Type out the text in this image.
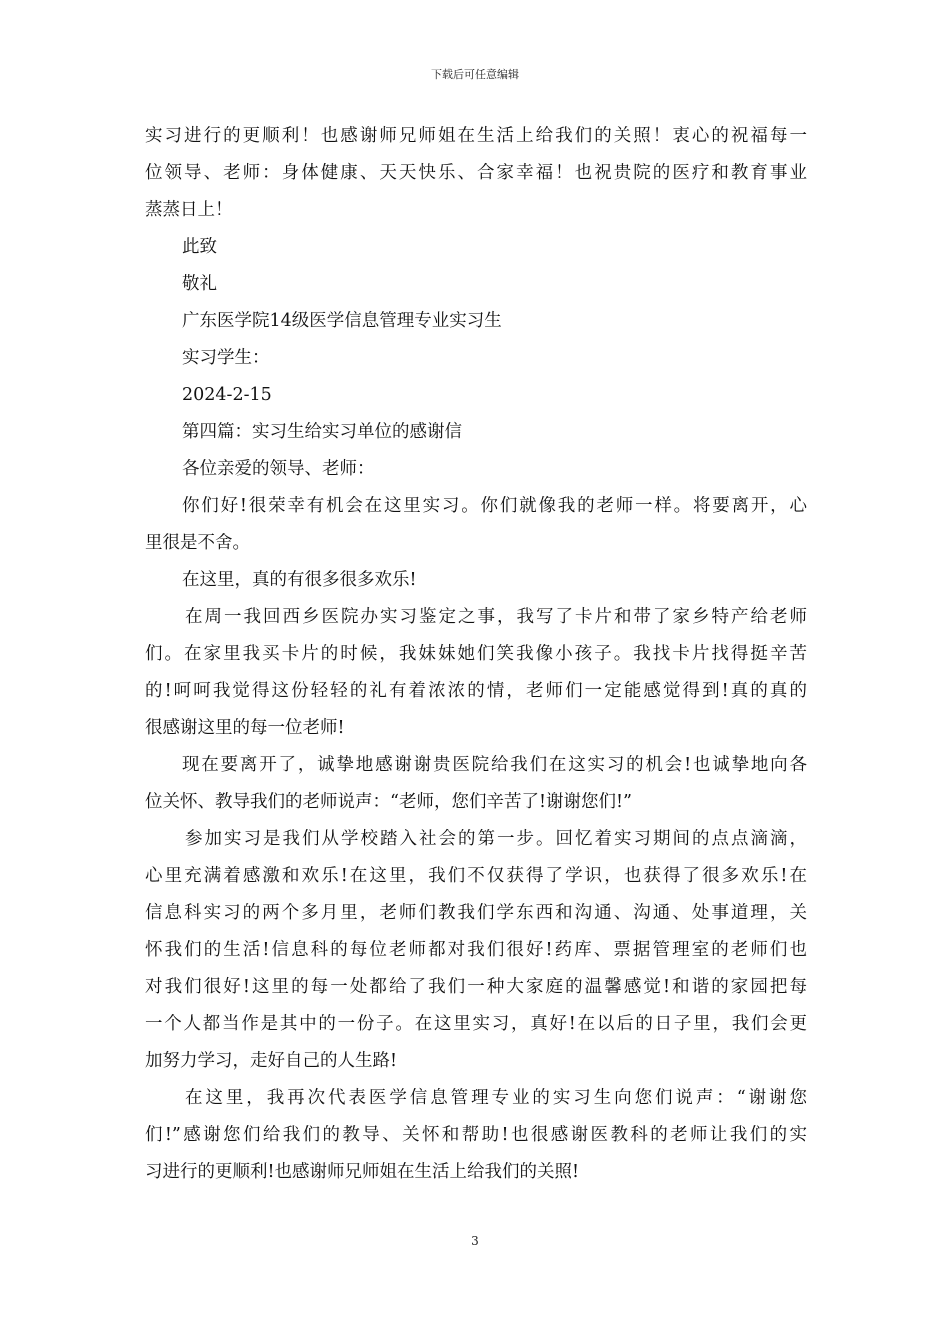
下载后可任意编辑
实习进行的更顺利！也感谢师兄师姐在生活上给我们的关照！衷心的祝福每一
位领导、老师：身体健康、天天快乐、合家幸福！也祝贵院的医疗和教育事业
蒸蒸日上！
此致
敬礼
广东医学院14级医学信息管理专业实习生
实习学生：
2024-2-15
第四篇：实习生给实习单位的感谢信
各位亲爱的领导、老师：
你们好!很荣幸有机会在这里实习。你们就像我的老师一样。将要离开，心
里很是不舍。
在这里，真的有很多很多欢乐!
在周一我回西乡医院办实习鉴定之事，我写了卡片和带了家乡特产给老师
们。在家里我买卡片的时候，我妹妹她们笑我像小孩子。我找卡片找得挺辛苦
的!呵呵我觉得这份轻轻的礼有着浓浓的情，老师们一定能感觉得到!真的真的
很感谢这里的每一位老师!
现在要离开了，诚挚地感谢谢贵医院给我们在这实习的机会!也诚挚地向各
位关怀、教导我们的老师说声：“老师，您们辛苦了!谢谢您们!”
参加实习是我们从学校踏入社会的第一步。回忆着实习期间的点点滴滴，
心里充满着感激和欢乐!在这里，我们不仅获得了学识，也获得了很多欢乐!在
信息科实习的两个多月里，老师们教我们学东西和沟通、沟通、处事道理，关
怀我们的生活!信息科的每位老师都对我们很好!药库、票据管理室的老师们也
对我们很好!这里的每一处都给了我们一种大家庭的温馨感觉!和谐的家园把每
一个人都当作是其中的一份子。在这里实习，真好!在以后的日子里，我们会更
加努力学习，走好自己的人生路!
在这里，我再次代表医学信息管理专业的实习生向您们说声：“谢谢您
们!”感谢您们给我们的教导、关怀和帮助!也很感谢医教科的老师让我们的实
习进行的更顺利!也感谢师兄师姐在生活上给我们的关照!
3
